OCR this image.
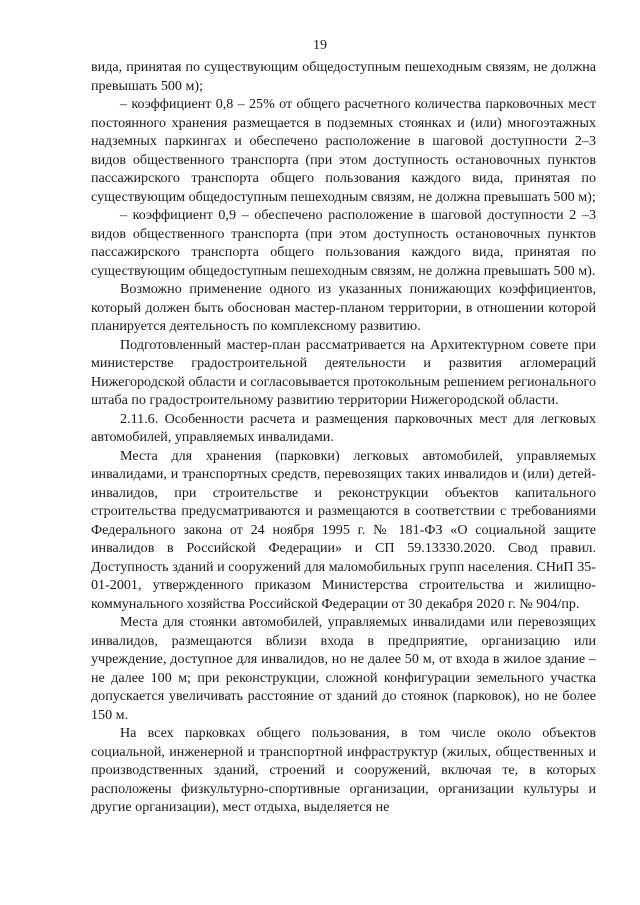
19

вида, принятая по существующим общедоступным пешеходным связям, не должна превышать 500 м);

– коэффициент 0,8 – 25% от общего расчетного количества парковочных мест постоянного хранения размещается в подземных стоянках и (или) многоэтажных надземных паркингах и обеспечено расположение в шаговой доступности 2–3 видов общественного транспорта (при этом доступность остановочных пунктов пассажирского транспорта общего пользования каждого вида, принятая по существующим общедоступным пешеходным связям, не должна превышать 500 м);

– коэффициент 0,9 – обеспечено расположение в шаговой доступности 2 –3 видов общественного транспорта (при этом доступность остановочных пунктов пассажирского транспорта общего пользования каждого вида, принятая по существующим общедоступным пешеходным связям, не должна превышать 500 м).

Возможно применение одного из указанных понижающих коэффициентов, который должен быть обоснован мастер-планом территории, в отношении которой планируется деятельность по комплексному развитию.

Подготовленный мастер-план рассматривается на Архитектурном совете при министерстве градостроительной деятельности и развития агломераций Нижегородской области и согласовывается протокольным решением регионального штаба по градостроительному развитию территории Нижегородской области.

2.11.6. Особенности расчета и размещения парковочных мест для легковых автомобилей, управляемых инвалидами.

Места для хранения (парковки) легковых автомобилей, управляемых инвалидами, и транспортных средств, перевозящих таких инвалидов и (или) детей-инвалидов, при строительстве и реконструкции объектов капитального строительства предусматриваются и размещаются в соответствии с требованиями Федерального закона от 24 ноября 1995 г. № 181-ФЗ «О социальной защите инвалидов в Российской Федерации» и СП 59.13330.2020. Свод правил. Доступность зданий и сооружений для маломобильных групп населения. СНиП 35-01-2001, утвержденного приказом Министерства строительства и жилищно-коммунального хозяйства Российской Федерации от 30 декабря 2020 г. № 904/пр.

Места для стоянки автомобилей, управляемых инвалидами или перевозящих инвалидов, размещаются вблизи входа в предприятие, организацию или учреждение, доступное для инвалидов, но не далее 50 м, от входа в жилое здание – не далее 100 м; при реконструкции, сложной конфигурации земельного участка допускается увеличивать расстояние от зданий до стоянок (парковок), но не более 150 м.

На всех парковках общего пользования, в том числе около объектов социальной, инженерной и транспортной инфраструктур (жилых, общественных и производственных зданий, строений и сооружений, включая те, в которых расположены физкультурно-спортивные организации, организации культуры и другие организации), мест отдыха, выделяется не
